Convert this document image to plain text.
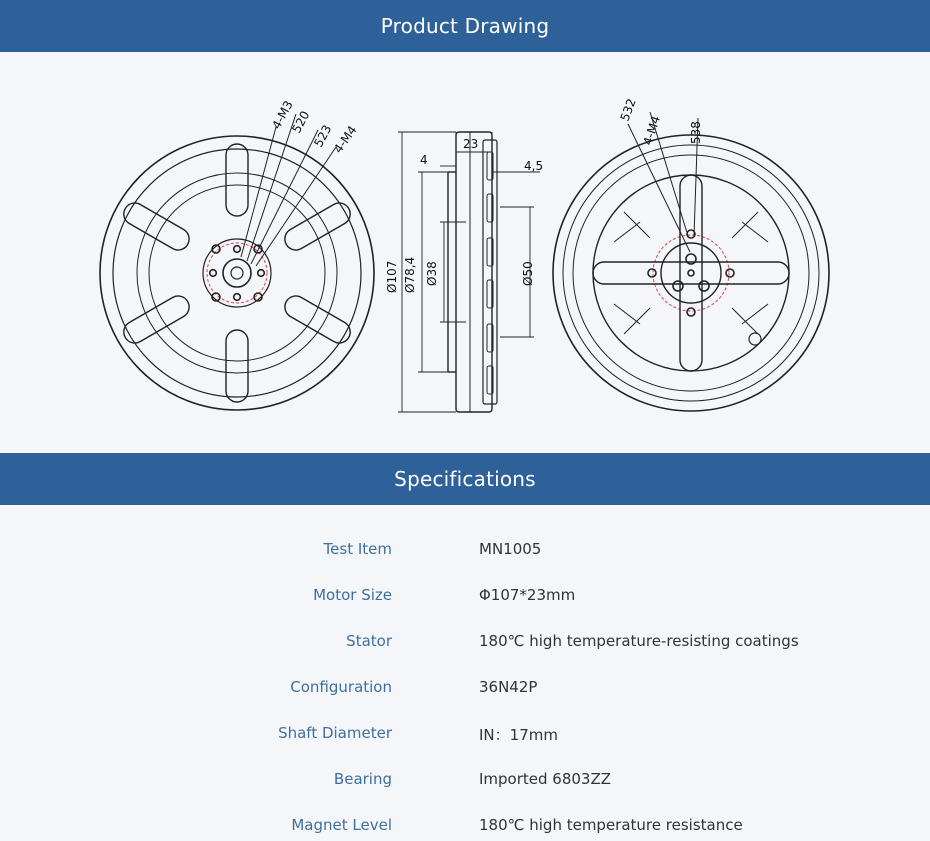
Product Drawing
4-M3
520
523
4-M4
4
23
4,5
Ø107 Ø78,4 Ø38	Ø50
532
4-M4 538
Specifications
Test Item	MN1005
Motor Size	Φ107*23mm
Stator	180℃ high temperature-resisting coatings
Configuration	36N42P
Shaft Diameter	IN：17mm
Bearing	Imported 6803ZZ
Magnet Level	180℃ high temperature resistance
